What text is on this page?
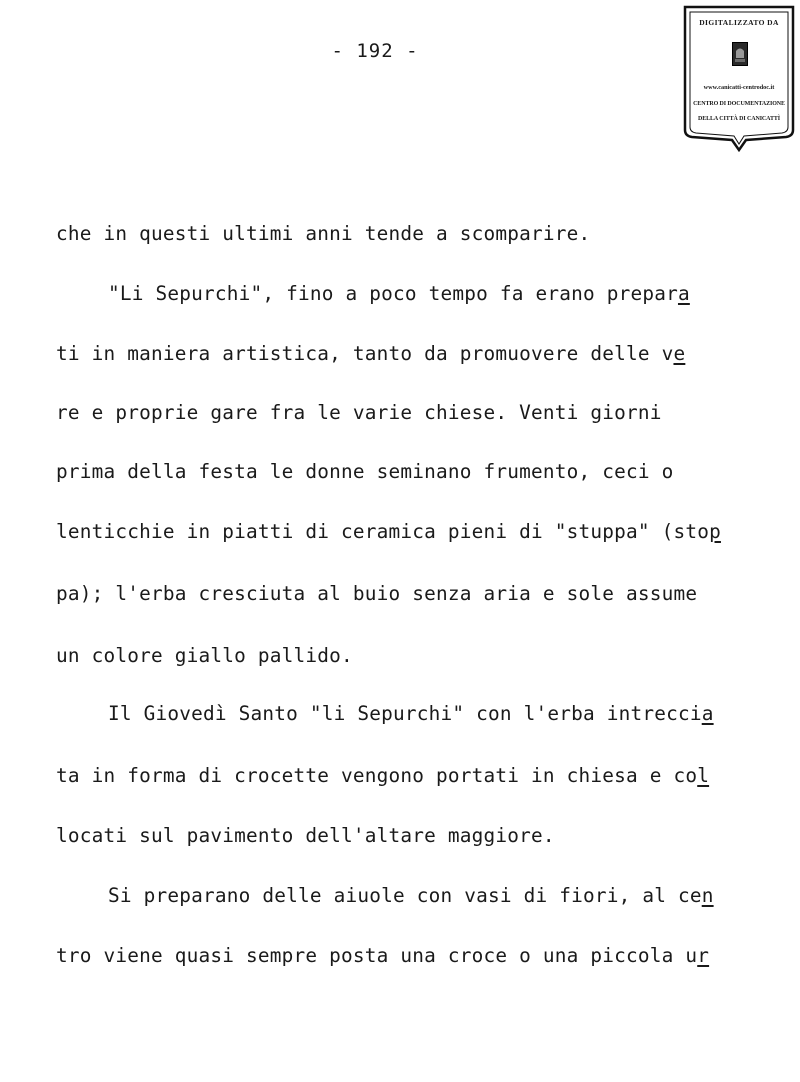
- 192 -
DIGITALIZZATO DA
www.canicatti-centrodoc.it
CENTRO DI DOCUMENTAZIONE
DELLA CITTÀ DI CANICATTÌ
che in questi ultimi anni tende a scomparire.
"Li Sepurchi", fino a poco tempo fa erano prepara
ti in maniera artistica, tanto da promuovere delle ve
re e proprie gare fra le varie chiese. Venti giorni
prima della festa le donne seminano frumento, ceci o
lenticchie in piatti di ceramica pieni di "stuppa" (stop
pa); l'erba cresciuta al buio senza aria e sole assume
un colore giallo pallido.
Il Giovedì Santo "li Sepurchi" con l'erba intreccia
ta in forma di crocette vengono portati in chiesa e col
locati sul pavimento dell'altare maggiore.
Si preparano delle aiuole con vasi di fiori, al cen
tro viene quasi sempre posta una croce o una piccola ur
